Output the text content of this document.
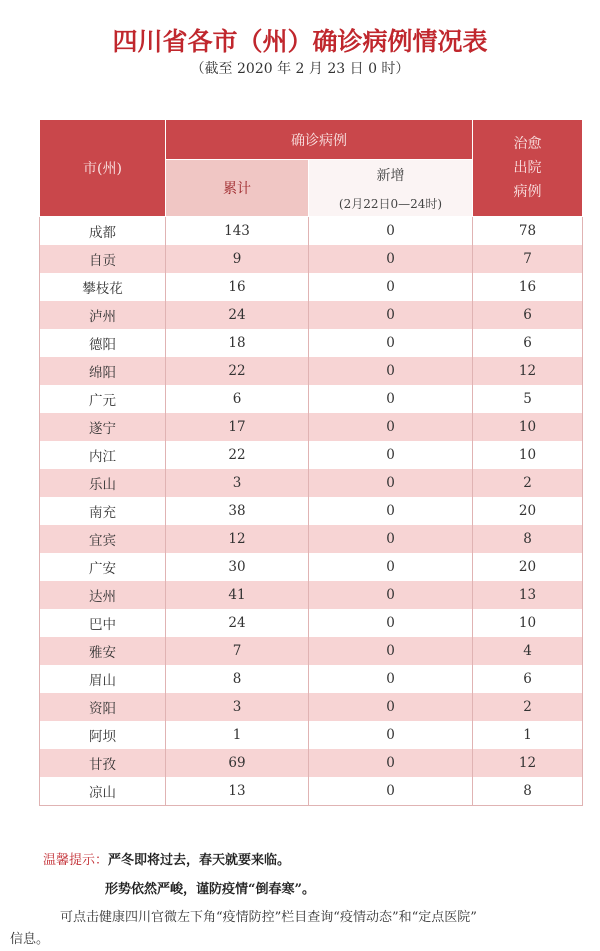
四川省各市（州）确诊病例情况表
（截至 2020 年 2 月 23 日 0 时）
市(州)	确诊病例		治愈
出院
病例

	累计	新增
(2月22日0—24时)	

成都	143	0	78
自贡	9	0	7
攀枝花	16	0	16
泸州	24	0	6
德阳	18	0	6
绵阳	22	0	12
广元	6	0	5
遂宁	17	0	10
内江	22	0	10
乐山	3	0	2
南充	38	0	20
宜宾	12	0	8
广安	30	0	20
达州	41	0	13
巴中	24	0	10
雅安	7	0	4
眉山	8	0	6
资阳	3	0	2
阿坝	1	0	1
甘孜	69	0	12
凉山	13	0	8
温馨提示：严冬即将过去，春天就要来临。
形势依然严峻，谨防疫情“倒春寒”。
可点击健康四川官微左下角“疫情防控”栏目查询“疫情动态”和“定点医院”
信息。
